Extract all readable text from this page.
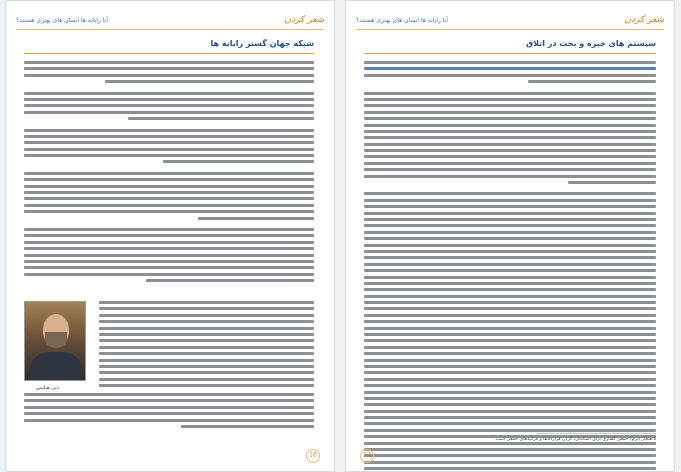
آیا رایانه ها انسان های بهتری هستند؟	شعر کردن
شبکه جهان گستر رایانه ها
دنی هیلیس
16
آیا رایانه ها انسان های بهتری هستند؟	شعر کردن
سیستم های خبره و بحث در اتلاق
۵ هنجار (نرم) جمعی گفتاری برای استاندارد گردن قراردادها و فرایندهای جمعی است.
17
